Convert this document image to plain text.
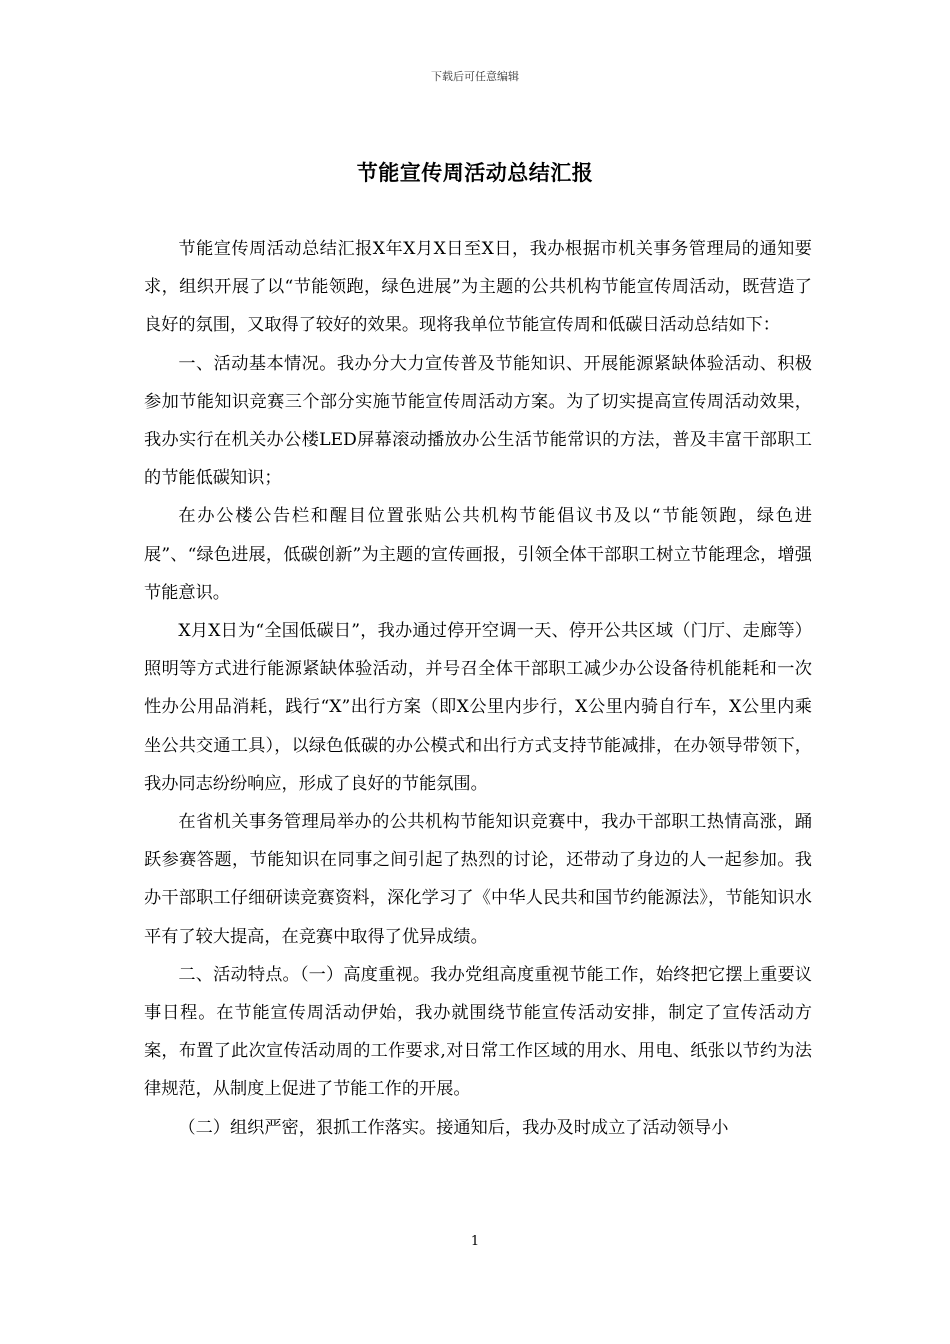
下载后可任意编辑
节能宣传周活动总结汇报

节能宣传周活动总结汇报X年X月X日至X日，我办根据市机关事务管理局的通知要求，组织开展了以“节能领跑，绿色进展”为主题的公共机构节能宣传周活动，既营造了良好的氛围，又取得了较好的效果。现将我单位节能宣传周和低碳日活动总结如下：

一、活动基本情况。我办分大力宣传普及节能知识、开展能源紧缺体验活动、积极参加节能知识竞赛三个部分实施节能宣传周活动方案。为了切实提高宣传周活动效果，我办实行在机关办公楼LED屏幕滚动播放办公生活节能常识的方法，普及丰富干部职工的节能低碳知识；

在办公楼公告栏和醒目位置张贴公共机构节能倡议书及以“节能领跑，绿色进展”、“绿色进展，低碳创新”为主题的宣传画报，引领全体干部职工树立节能理念，增强节能意识。

X月X日为“全国低碳日”，我办通过停开空调一天、停开公共区域（门厅、走廊等）照明等方式进行能源紧缺体验活动，并号召全体干部职工减少办公设备待机能耗和一次性办公用品消耗，践行“X”出行方案（即X公里内步行，X公里内骑自行车，X公里内乘坐公共交通工具），以绿色低碳的办公模式和出行方式支持节能减排，在办领导带领下，我办同志纷纷响应，形成了良好的节能氛围。

在省机关事务管理局举办的公共机构节能知识竞赛中，我办干部职工热情高涨，踊跃参赛答题，节能知识在同事之间引起了热烈的讨论，还带动了身边的人一起参加。我办干部职工仔细研读竞赛资料，深化学习了《中华人民共和国节约能源法》，节能知识水平有了较大提高，在竞赛中取得了优异成绩。

二、活动特点。（一）高度重视。我办党组高度重视节能工作，始终把它摆上重要议事日程。在节能宣传周活动伊始，我办就围绕节能宣传活动安排，制定了宣传活动方案，布置了此次宣传活动周的工作要求,对日常工作区域的用水、用电、纸张以节约为法律规范，从制度上促进了节能工作的开展。

（二）组织严密，狠抓工作落实。接通知后，我办及时成立了活动领导小

1
